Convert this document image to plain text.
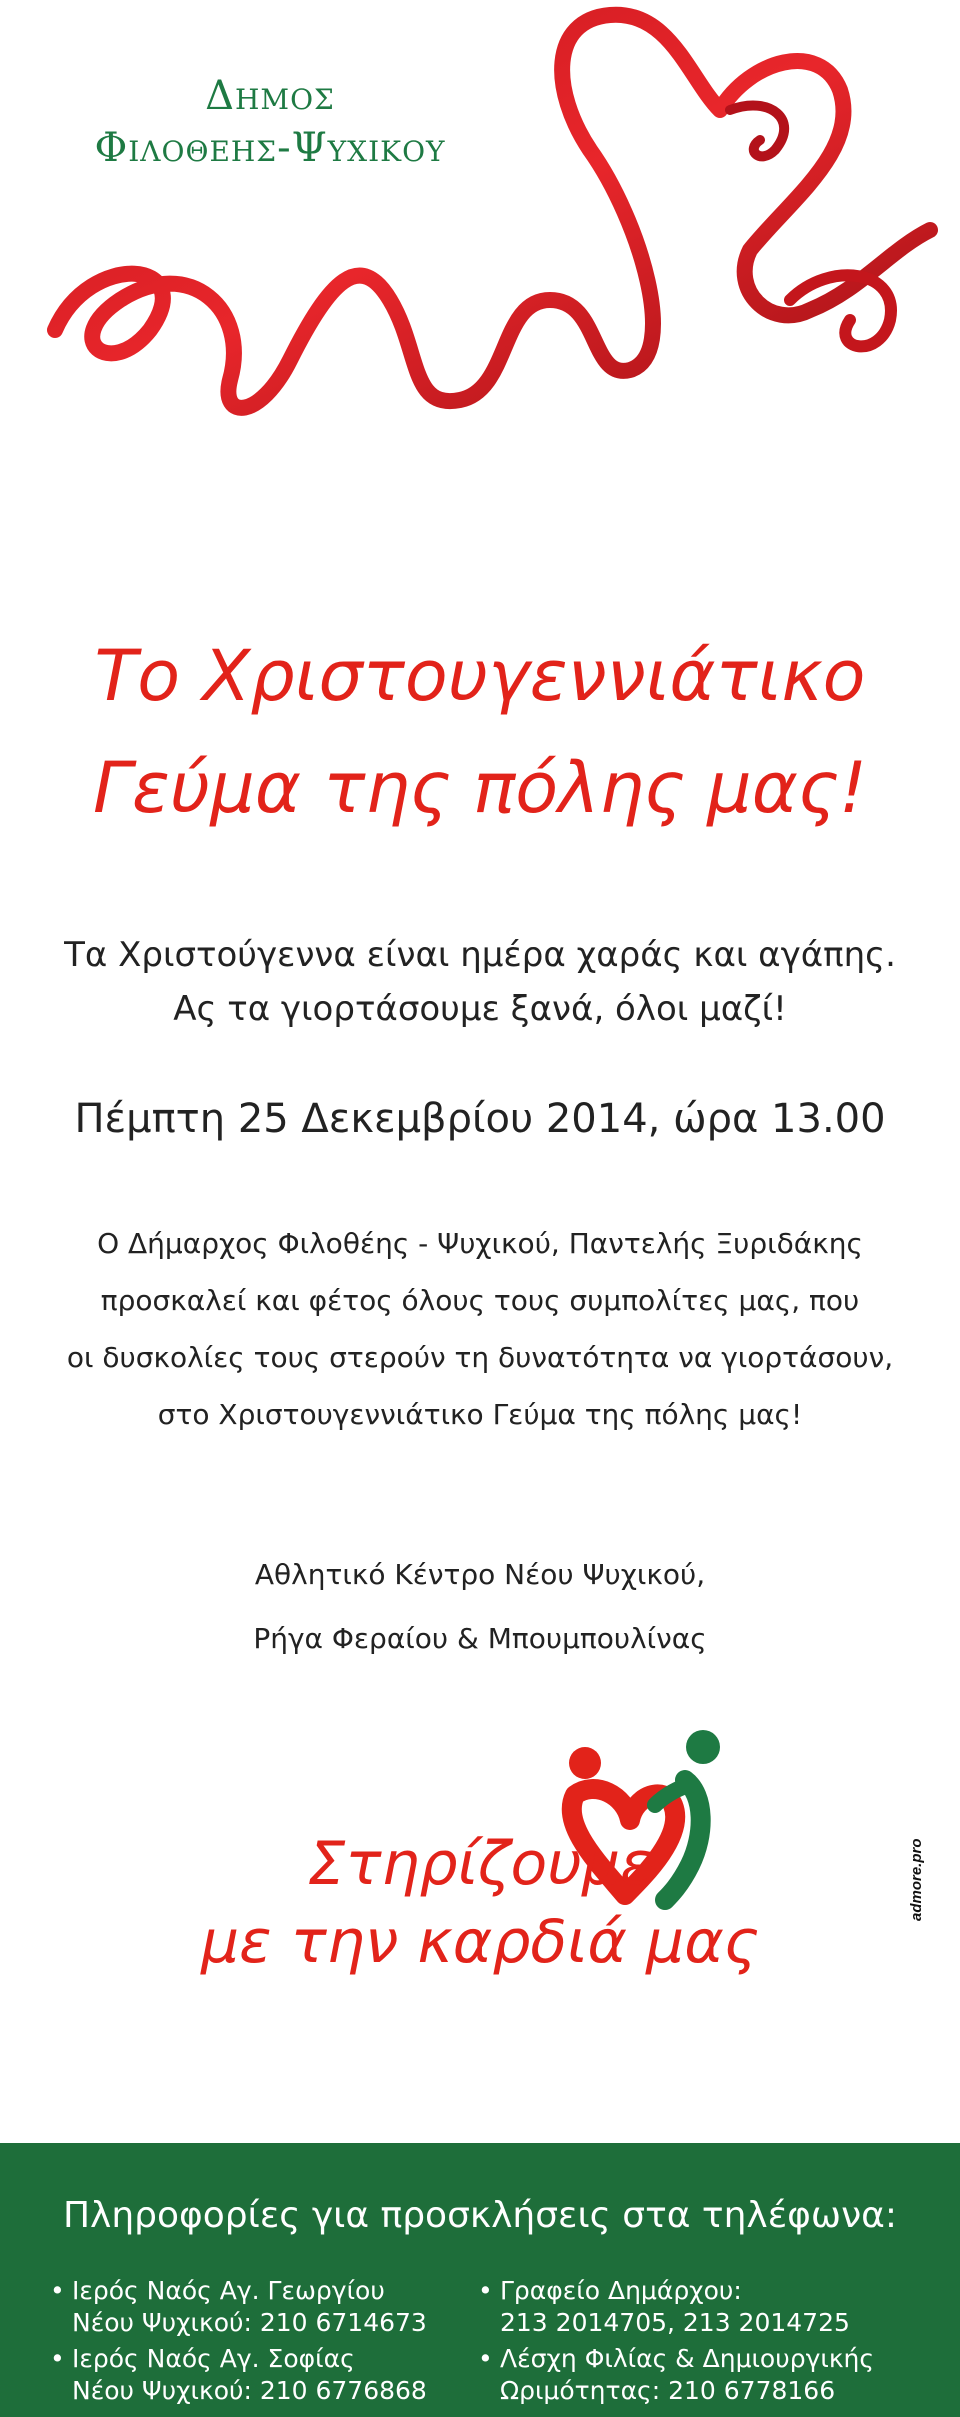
Δημος
Φιλοθεης-Ψυχικου
Το Χριστουγεννιάτικο
Γεύμα της πόλης μας!
Τα Χριστούγεννα είναι ημέρα χαράς και αγάπης.
Ας τα γιορτάσουμε ξανά, όλοι μαζί!
Πέμπτη 25 Δεκεμβρίου 2014, ώρα 13.00
Ο Δήμαρχος Φιλοθέης - Ψυχικού, Παντελής Ξυριδάκης
προσκαλεί και φέτος όλους τους συμπολίτες μας, που
οι δυσκολίες τους στερούν τη δυνατότητα να γιορτάσουν,
στο Χριστουγεννιάτικο Γεύμα της πόλης μας!
Αθλητικό Κέντρο Νέου Ψυχικού,
Ρήγα Φεραίου & Μπουμπουλίνας
Στηρίζουμε
με την καρδιά μας
admore.pro
Πληροφορίες για προσκλήσεις στα τηλέφωνα:
• Ιερός Ναός Αγ. Γεωργίου
Νέου Ψυχικού: 210 6714673
• Ιερός Ναός Αγ. Σοφίας
Νέου Ψυχικού: 210 6776868
• Γραφείο Δημάρχου:
213 2014705, 213 2014725
• Λέσχη Φιλίας & Δημιουργικής
Ωριμότητας: 210 6778166
